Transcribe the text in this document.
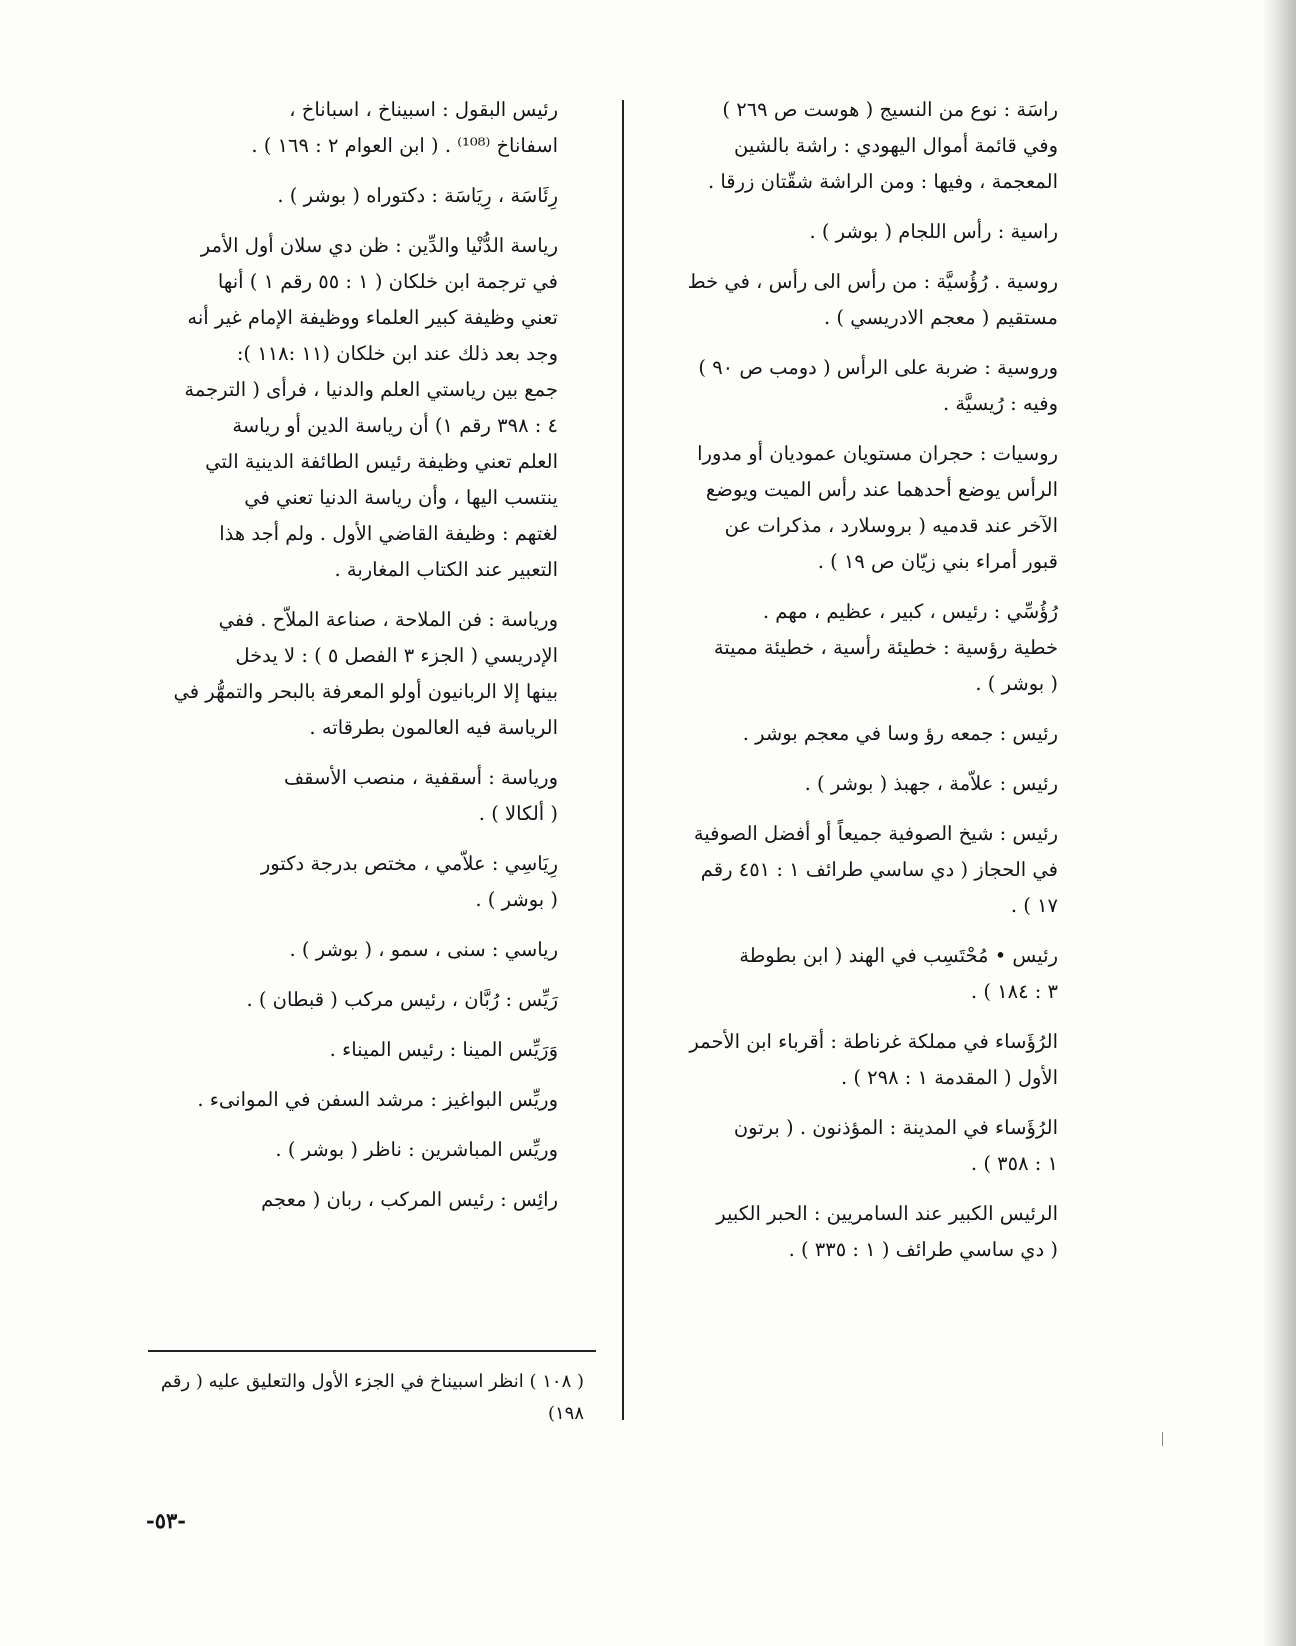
راسَة : نوع من النسيج ( هوست ص ٢٦٩ )
وفي قائمة أموال اليهودي : راشة بالشين
المعجمة ، وفيها : ومن الراشة شقّتان زرقا .

راسية : رأس اللجام ( بوشر ) .

روسية . رُؤُسيَّة : من رأس الى رأس ، في خط
مستقيم ( معجم الادريسي ) .

وروسية : ضربة على الرأس ( دومب ص ٩٠ )
وفيه : رُيسيَّة .

روسيات : حجران مستويان عموديان أو مدورا
الرأس يوضع أحدهما عند رأس الميت ويوضع
الآخر عند قدميه ( بروسلارد ، مذكرات عن
قبور أمراء بني زيّان ص ١٩ ) .

رُؤُسِّي : رئيس ، كبير ، عظيم ، مهم .
خطية رؤسية : خطيئة رأسية ، خطيئة مميتة
( بوشر ) .

رئيس : جمعه رؤ وسا في معجم بوشر .

رئيس : علاّمة ، جهبذ ( بوشر ) .

رئيس : شيخ الصوفية جميعاً أو أفضل الصوفية
في الحجاز ( دي ساسي طرائف ١ : ٤٥١ رقم
١٧ ) .

رئيس • مُحْتَسِب في الهند ( ابن بطوطة
٣ : ١٨٤ ) .

الرُؤَساء في مملكة غرناطة : أقرباء ابن الأحمر
الأول ( المقدمة ١ : ٢٩٨ ) .

الرُؤَساء في المدينة : المؤذنون . ( برتون
١ : ٣٥٨ ) .

الرئيس الكبير عند السامريين : الحبر الكبير
( دي ساسي طرائف ( ١ : ٣٣٥ ) .

رئيس البقول : اسبيناخ ، اسباناخ ،
اسفاناخ ⁽¹⁰⁸⁾ . ( ابن العوام ٢ : ١٦٩ ) .

رِئَاسَة ، رِيَاسَة : دكتوراه ( بوشر ) .

رياسة الدُّنْيا والدِّين : ظن دي سلان أول الأمر
في ترجمة ابن خلكان ( ١ : ٥٥ رقم ١ ) أنها
تعني وظيفة كبير العلماء ووظيفة الإمام غير أنه
وجد بعد ذلك عند ابن خلكان (١١ :١١٨ ):
جمع بين رياستي العلم والدنيا ، فرأى ( الترجمة
٤ : ٣٩٨ رقم ١) أن رياسة الدين أو رياسة
العلم تعني وظيفة رئيس الطائفة الدينية التي
ينتسب اليها ، وأن رياسة الدنيا تعني في
لغتهم : وظيفة القاضي الأول . ولم أجد هذا
التعبير عند الكتاب المغاربة .

ورياسة : فن الملاحة ، صناعة الملاّح . ففي
الإدريسي ( الجزء ٣ الفصل ٥ ) : لا يدخل
بينها إلا الربانيون أولو المعرفة بالبحر والتمهُّر في
الرياسة فيه العالمون بطرقاته .

ورياسة : أسقفية ، منصب الأسقف
( ألكالا ) .

رِيَاسِي : علاّمي ، مختص بدرجة دكتور
( بوشر ) .

رياسي : سنى ، سمو ، ( بوشر ) .

رَيِّس : رُبَّان ، رئيس مركب ( قبطان ) .

وَرَيِّس المينا : رئيس الميناء .

وريِّس البواغيز : مرشد السفن في الموانىء .

وريِّس المباشرين : ناظر ( بوشر ) .

رائِس : رئيس المركب ، ربان ( معجم

( ١٠٨ ) انظر اسبيناخ في الجزء الأول والتعليق عليه ( رقم
١٩٨)

-٥٣-
